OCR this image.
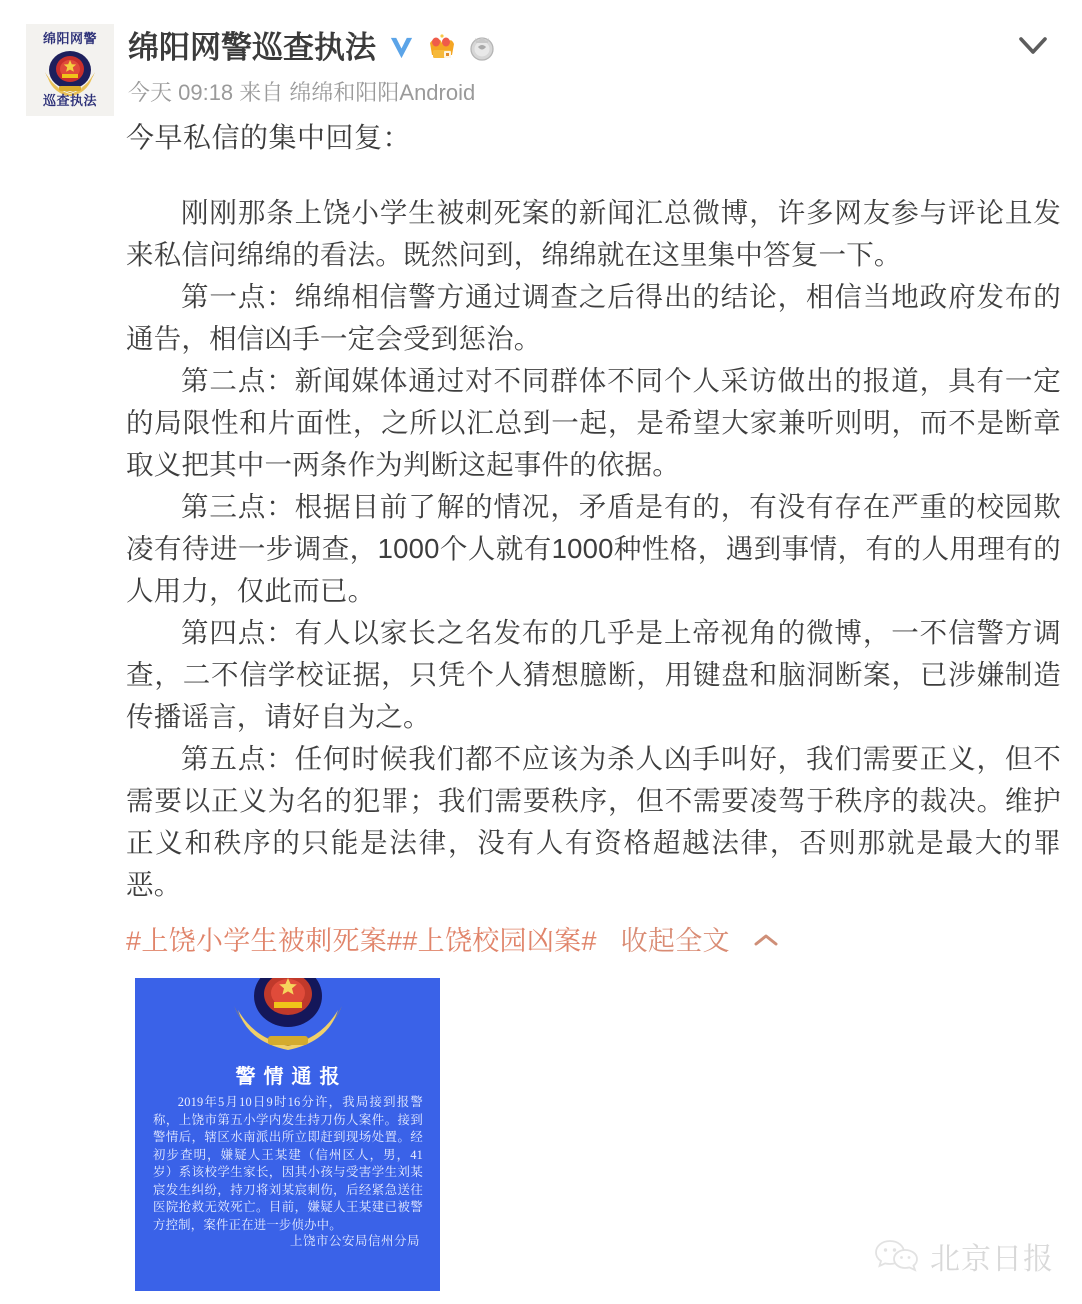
绵阳网警
巡查执法
绵阳网警巡查执法
今天 09:18 来自 绵绵和阳阳Android

今早私信的集中回复：

刚刚那条上饶小学生被刺死案的新闻汇总微博，许多网友参与评论且发来私信问绵绵的看法。既然问到，绵绵就在这里集中答复一下。

第一点：绵绵相信警方通过调查之后得出的结论，相信当地政府发布的通告，相信凶手一定会受到惩治。

第二点：新闻媒体通过对不同群体不同个人采访做出的报道，具有一定的局限性和片面性，之所以汇总到一起，是希望大家兼听则明，而不是断章取义把其中一两条作为判断这起事件的依据。

第三点：根据目前了解的情况，矛盾是有的，有没有存在严重的校园欺凌有待进一步调查，1000个人就有1000种性格，遇到事情，有的人用理有的人用力，仅此而已。

第四点：有人以家长之名发布的几乎是上帝视角的微博，一不信警方调查，二不信学校证据，只凭个人猜想臆断，用键盘和脑洞断案，已涉嫌制造传播谣言，请好自为之。

第五点：任何时候我们都不应该为杀人凶手叫好，我们需要正义，但不需要以正义为名的犯罪；我们需要秩序，但不需要凌驾于秩序的裁决。维护正义和秩序的只能是法律，没有人有资格超越法律，否则那就是最大的罪恶。

#上饶小学生被刺死案##上饶校园凶案# 收起全文
警情通报
2019年5月10日9时16分许，我局接到报警称，上饶市第五小学内发生持刀伤人案件。接到警情后，辖区水南派出所立即赶到现场处置。经初步查明，嫌疑人王某建（信州区人，男，41岁）系该校学生家长，因其小孩与受害学生刘某宸发生纠纷，持刀将刘某宸刺伤，后经紧急送往医院抢救无效死亡。目前，嫌疑人王某建已被警方控制，案件正在进一步侦办中。
上饶市公安局信州分局
北京日报
